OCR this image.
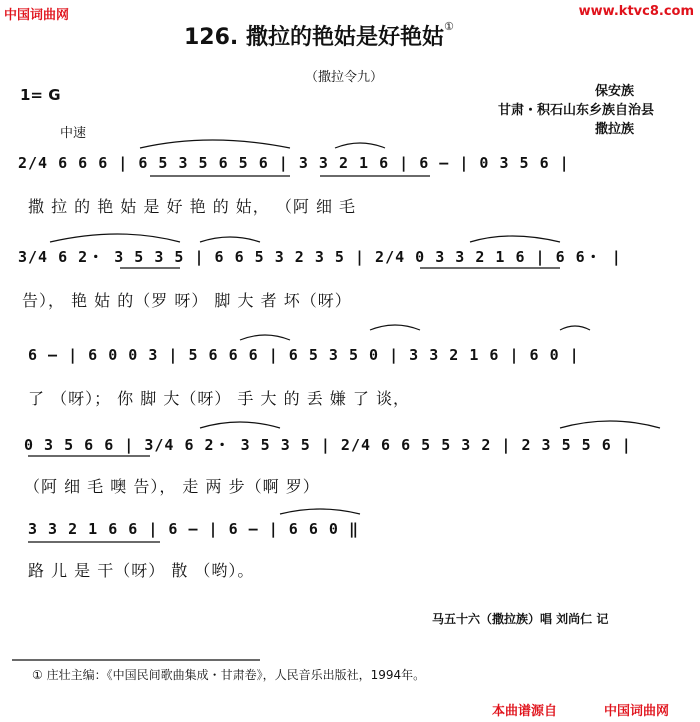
中国词曲网	www.ktvc8.com
126. 撒拉的艳姑是好艳姑①
（撒拉令九）
保安族
甘肃・积石山东乡族自治县
撒拉族
1= G
中速
2/4 6 6 6 | 6 5 3 5 6 5 6 | 3 3 2 1 6 | 6 — | 0 3 5 6 |
撒 拉 的 艳 姑 是 好 艳 的 姑， （阿 细 毛
3/4 6 2・ 3 5 3 5 | 6 6 5 3 2 3 5 | 2/4 0 3 3 2 1 6 | 6 6・ |
告）， 艳 姑 的（罗 呀） 脚 大 者 坏（呀）
6 — | 6 0 0 3 | 5 6 6 6 | 6 5 3 5 0 | 3 3 2 1 6 | 6 0 |
了 （呀）； 你 脚 大（呀） 手 大 的 丢 嫌 了 谈，
0 3 5 6 6 | 3/4 6 2・ 3 5 3 5 | 2/4 6 6 5 5 3 2 | 2 3 5 5 6 |
（阿 细 毛 噢 告）， 走 两 步（啊 罗）
3 3 2 1 6 6 | 6 — | 6 — | 6 6 0 ‖
路 儿 是 干（呀） 散 （哟）。
马五十六（撒拉族）唱 刘尚仁 记
① 庄壮主编：《中国民间歌曲集成・甘肃卷》，人民音乐出版社，1994年。
本曲谱源自	中国词曲网
